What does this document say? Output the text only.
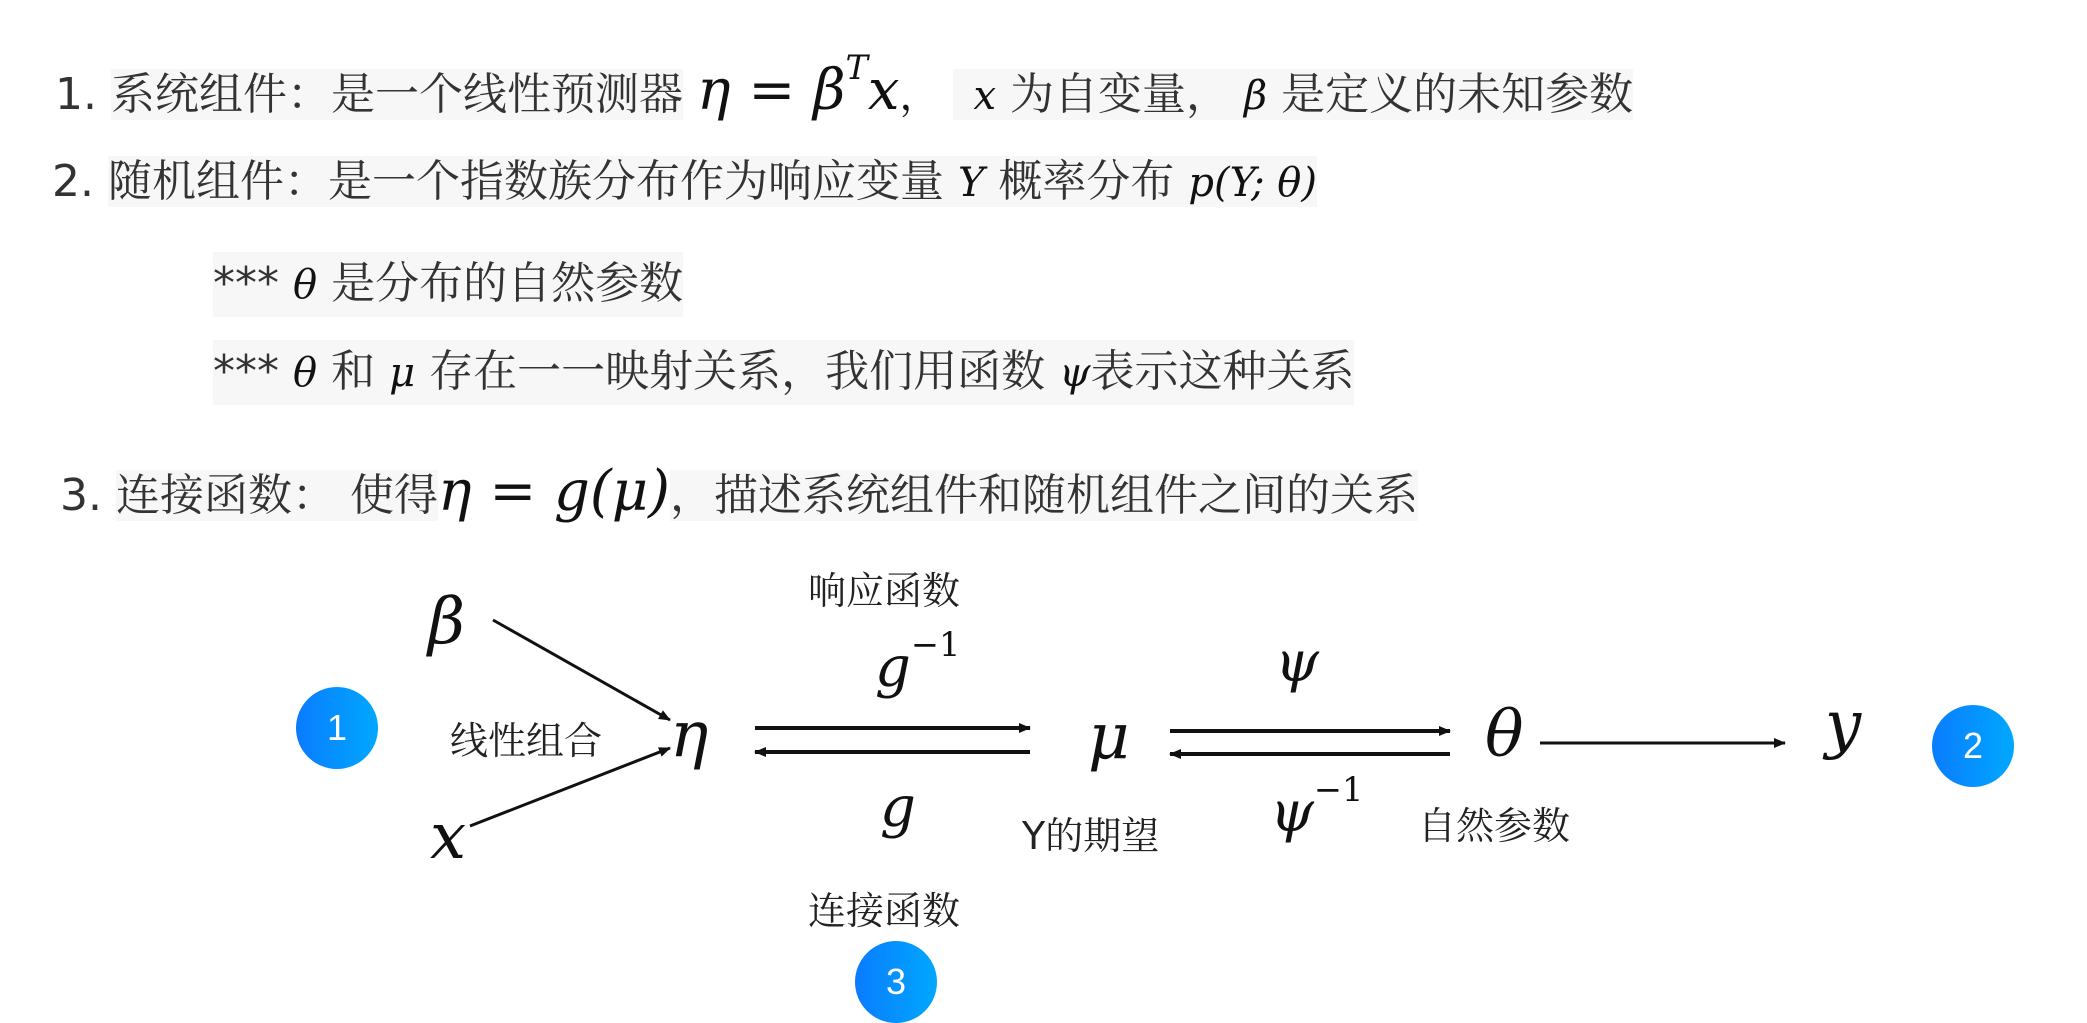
1. 系统组件：是一个线性预测器 $\eta = \beta^Tx$， x 为自变量， β 是定义的未知参数
2. 随机组件：是一个指数族分布作为响应变量 Y 概率分布 p(Y; θ)
*** θ 是分布的自然参数
*** θ 和 μ 存在一一映射关系，我们用函数 ψ表示这种关系
3. 连接函数： 使得η = g(μ)，描述系统组件和随机组件之间的关系
β
x
η	μ	θ	y
$g^{-1}$
g
ψ
$\psi^{-1}$
线性组合
响应函数
连接函数
Y的期望	自然参数
1	2
3
